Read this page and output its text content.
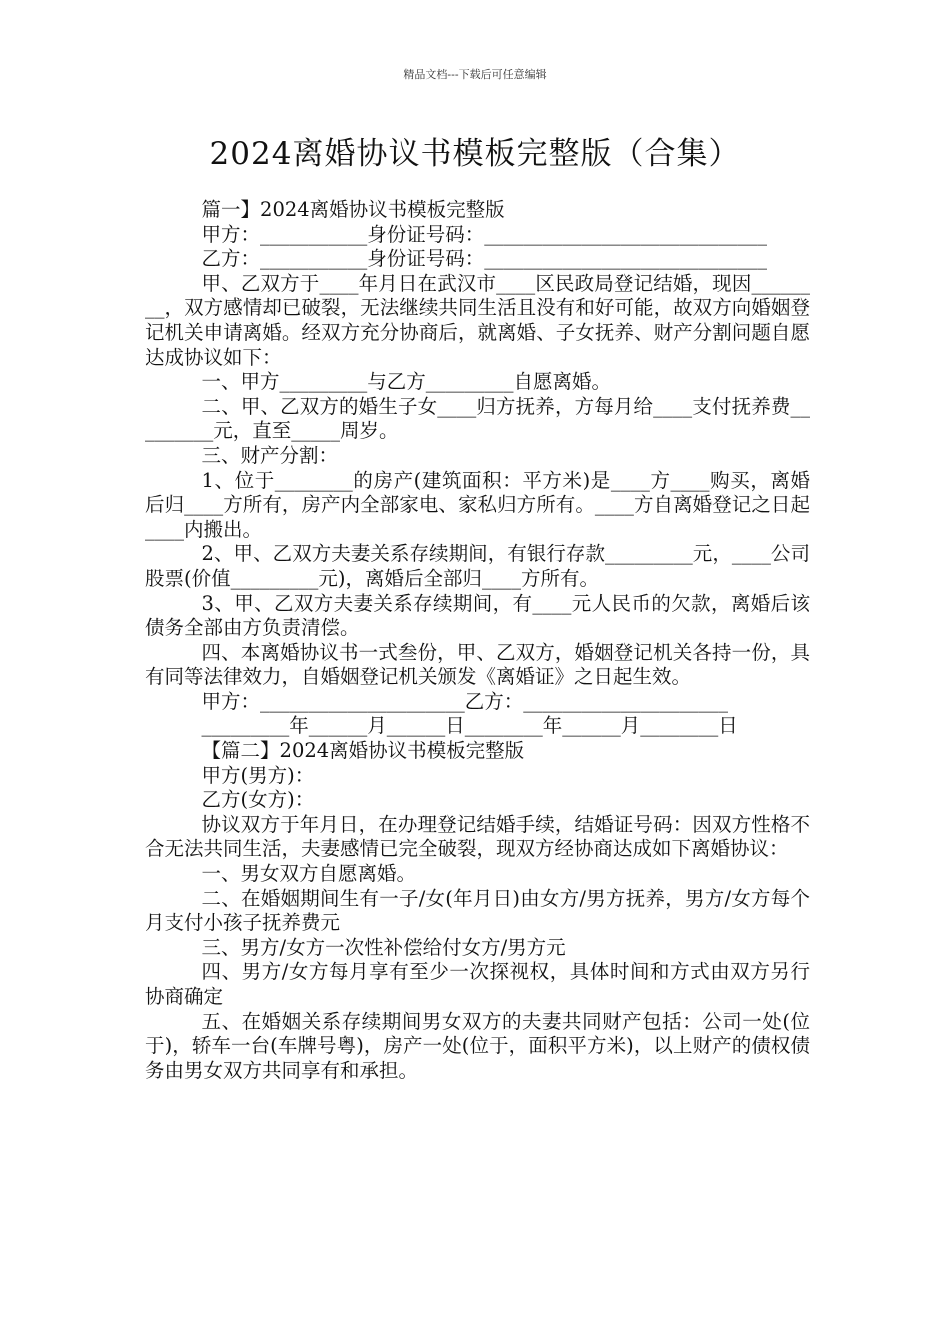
精品文档---下载后可任意编辑
2024离婚协议书模板完整版（合集）

篇一】2024离婚协议书模板完整版

甲方：___________身份证号码：_____________________________

乙方：___________身份证号码：_____________________________

甲、乙双方于____年月日在武汉市____区民政局登记结婚，现因________，双方感情却已破裂，无法继续共同生活且没有和好可能，故双方向婚姻登记机关申请离婚。经双方充分协商后，就离婚、子女抚养、财产分割问题自愿达成协议如下：

一、甲方_________与乙方_________自愿离婚。

二、甲、乙双方的婚生子女____归方抚养，方每月给____支付抚养费_________元，直至_____周岁。

三、财产分割：

1、位于________的房产(建筑面积：平方米)是____方____购买，离婚后归____方所有，房产内全部家电、家私归方所有。____方自离婚登记之日起____内搬出。

2、甲、乙双方夫妻关系存续期间，有银行存款_________元，____公司股票(价值_________元)，离婚后全部归____方所有。

3、甲、乙双方夫妻关系存续期间，有____元人民币的欠款，离婚后该债务全部由方负责清偿。

四、本离婚协议书一式叁份，甲、乙双方，婚姻登记机关各持一份，具有同等法律效力，自婚姻登记机关颁发《离婚证》之日起生效。

甲方：_____________________乙方：_____________________

_________年______月______日________年______月________日

【篇二】2024离婚协议书模板完整版

甲方(男方)：

乙方(女方)：

协议双方于年月日，在办理登记结婚手续，结婚证号码：因双方性格不合无法共同生活，夫妻感情已完全破裂，现双方经协商达成如下离婚协议：

一、男女双方自愿离婚。

二、在婚姻期间生有一子/女(年月日)由女方/男方抚养，男方/女方每个月支付小孩子抚养费元

三、男方/女方一次性补偿给付女方/男方元

四、男方/女方每月享有至少一次探视权，具体时间和方式由双方另行协商确定

五、在婚姻关系存续期间男女双方的夫妻共同财产包括：公司一处(位于)，轿车一台(车牌号粤)，房产一处(位于，面积平方米)，以上财产的债权债务由男女双方共同享有和承担。
